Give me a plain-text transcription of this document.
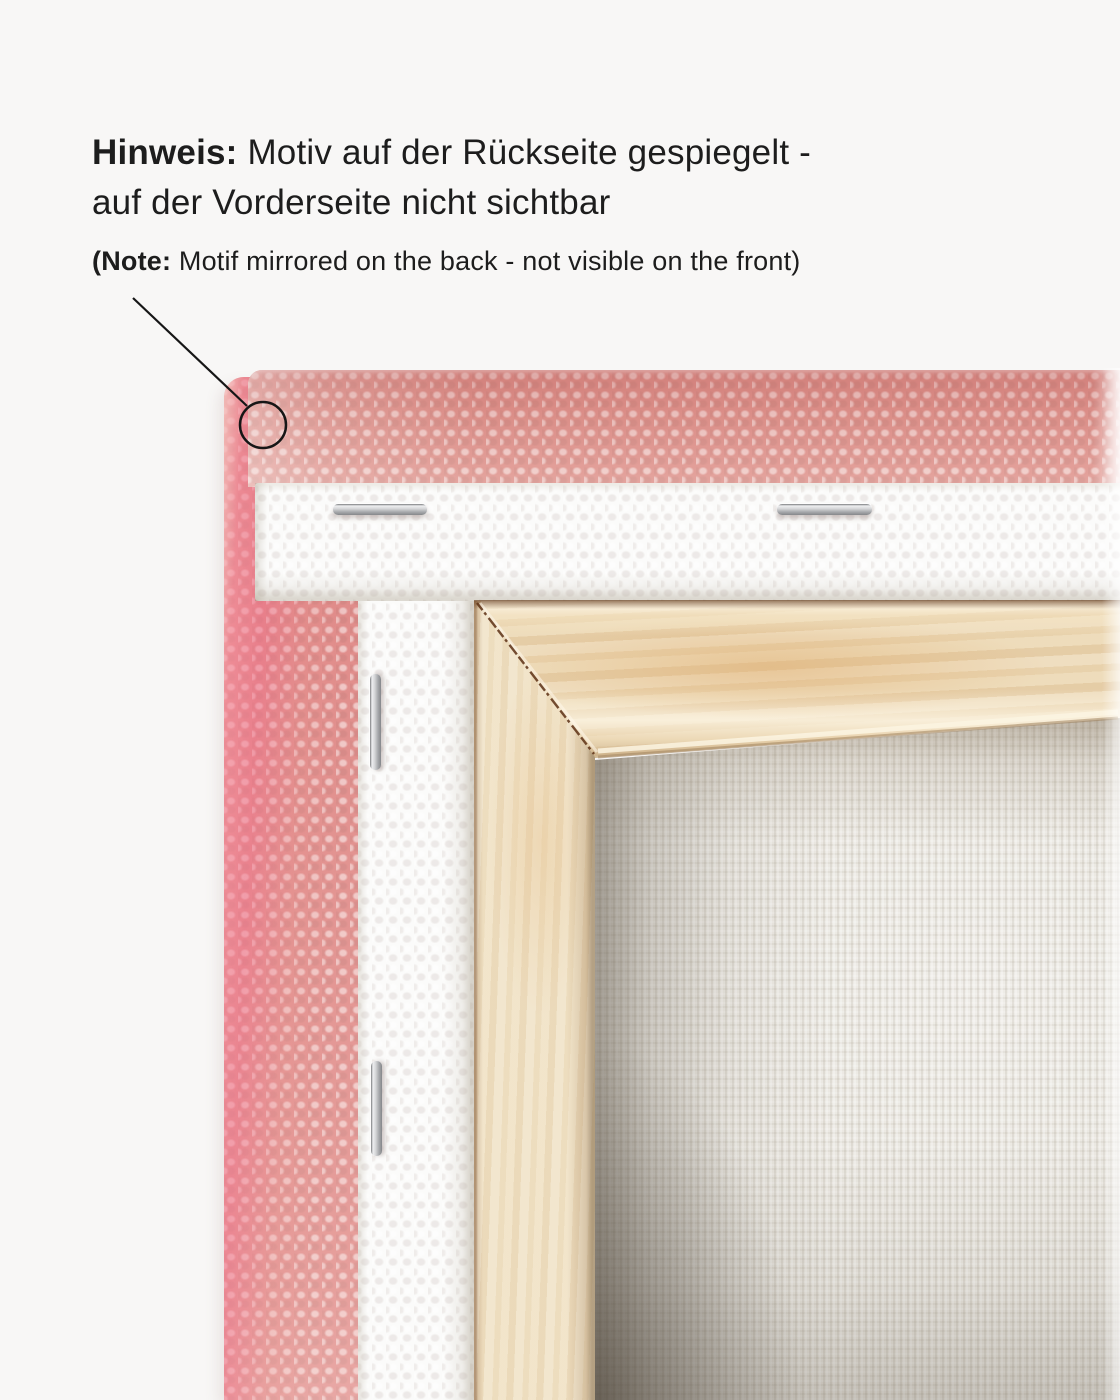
Hinweis: Motiv auf der Rückseite gespiegelt -
auf der Vorderseite nicht sichtbar
(Note: Motif mirrored on the back - not visible on the front)
